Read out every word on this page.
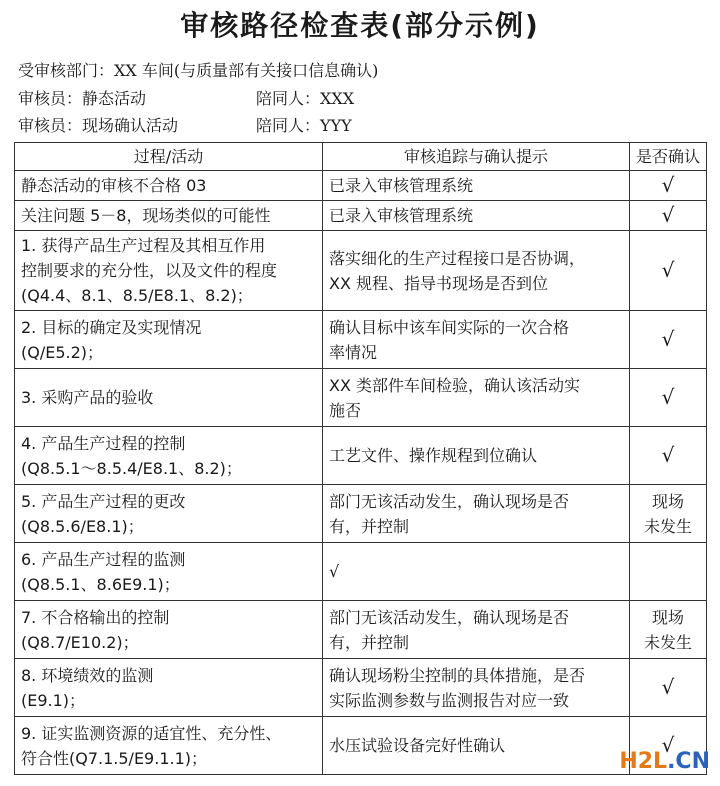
审核路径检查表(部分示例)
受审核部门：XX 车间(与质量部有关接口信息确认)
审核员：静态活动	陪同人：XXX
审核员：现场确认活动	陪同人：YYY
过程/活动	审核追踪与确认提示	是否确认

静态活动的审核不合格 03	已录入审核管理系统	√

关注问题 5－8，现场类似的可能性	已录入审核管理系统	√

1. 获得产品生产过程及其相互作用
控制要求的充分性，以及文件的程度
(Q4.4、8.1、8.5/E8.1、8.2)；	落实细化的生产过程接口是否协调，
XX 规程、指导书现场是否到位	√

2. 目标的确定及实现情况
(Q/E5.2)；	确认目标中该车间实际的一次合格
率情况	√

3. 采购产品的验收	XX 类部件车间检验，确认该活动实
施否	√

4. 产品生产过程的控制
(Q8.5.1～8.5.4/E8.1、8.2)；	工艺文件、操作规程到位确认	√

5. 产品生产过程的更改
(Q8.5.6/E8.1)；	部门无该活动发生，确认现场是否
有，并控制	现场
未发生

6. 产品生产过程的监测
(Q8.5.1、8.6E9.1)；	√	

7. 不合格输出的控制
(Q8.7/E10.2)；	部门无该活动发生，确认现场是否
有，并控制	现场
未发生

8. 环境绩效的监测
(E9.1)；	确认现场粉尘控制的具体措施，是否
实际监测参数与监测报告对应一致	√

9. 证实监测资源的适宜性、充分性、
符合性(Q7.1.5/E9.1.1)；	水压试验设备完好性确认	√
H2L.CN
